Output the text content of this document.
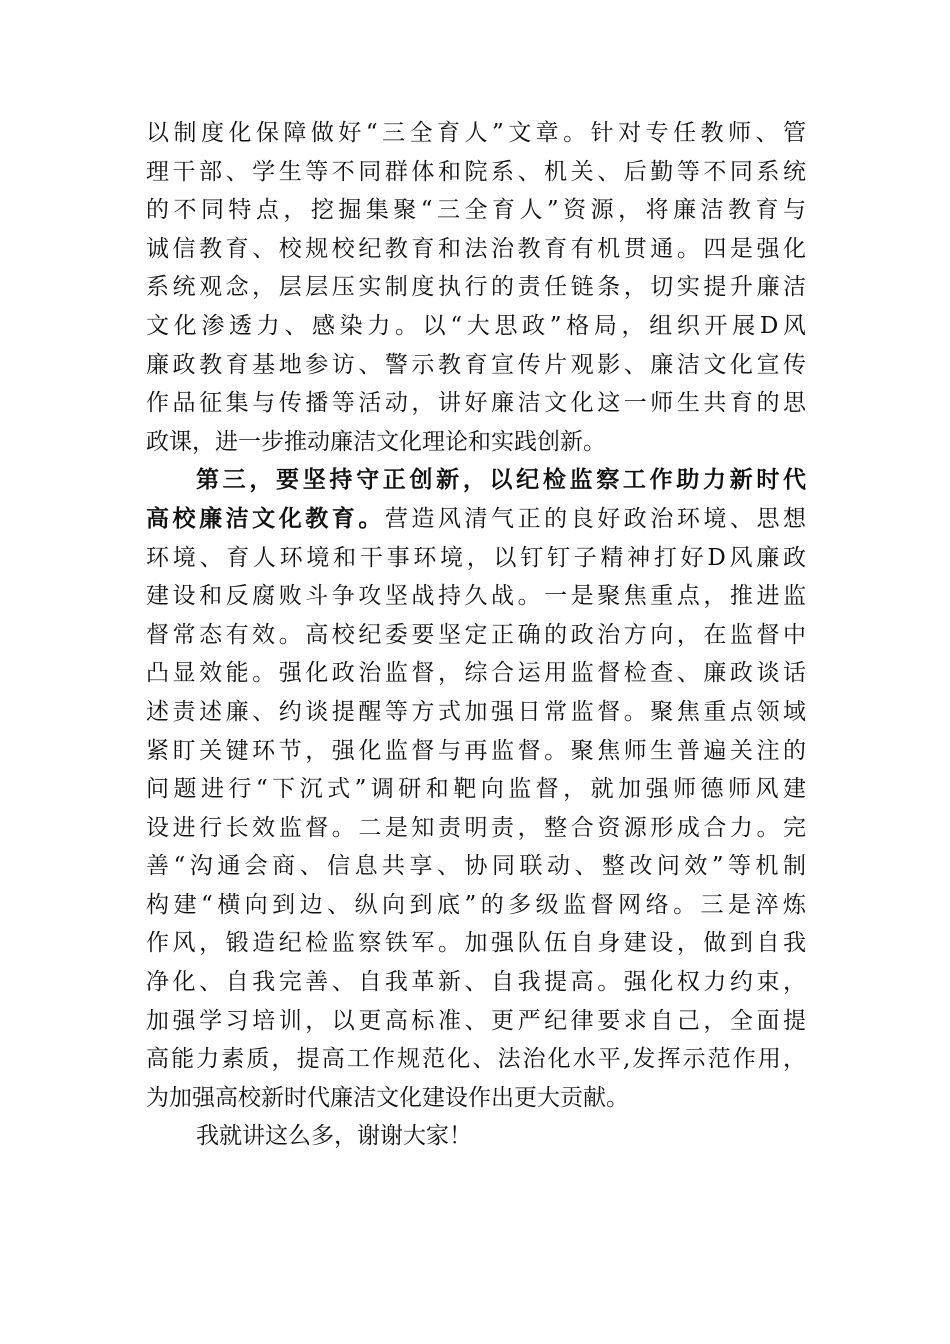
以制度化保障做好“三全育人”文章。针对专任教师、管
理干部、学生等不同群体和院系、机关、后勤等不同系统
的不同特点，挖掘集聚“三全育人”资源，将廉洁教育与
诚信教育、校规校纪教育和法治教育有机贯通。四是强化
系统观念，层层压实制度执行的责任链条，切实提升廉洁
文化渗透力、感染力。以“大思政”格局，组织开展D风
廉政教育基地参访、警示教育宣传片观影、廉洁文化宣传
作品征集与传播等活动，讲好廉洁文化这一师生共育的思
政课，进一步推动廉洁文化理论和实践创新。
第三，要坚持守正创新，以纪检监察工作助力新时代
高校廉洁文化教育。营造风清气正的良好政治环境、思想
环境、育人环境和干事环境，以钉钉子精神打好D风廉政
建设和反腐败斗争攻坚战持久战。一是聚焦重点，推进监
督常态有效。高校纪委要坚定正确的政治方向，在监督中
凸显效能。强化政治监督，综合运用监督检查、廉政谈话
述责述廉、约谈提醒等方式加强日常监督。聚焦重点领域
紧盯关键环节，强化监督与再监督。聚焦师生普遍关注的
问题进行“下沉式”调研和靶向监督，就加强师德师风建
设进行长效监督。二是知责明责，整合资源形成合力。完
善“沟通会商、信息共享、协同联动、整改问效”等机制
构建“横向到边、纵向到底”的多级监督网络。三是淬炼
作风，锻造纪检监察铁军。加强队伍自身建设，做到自我
净化、自我完善、自我革新、自我提高。强化权力约束，
加强学习培训，以更高标准、更严纪律要求自己，全面提
高能力素质，提高工作规范化、法治化水平,发挥示范作用，
为加强高校新时代廉洁文化建设作出更大贡献。
我就讲这么多，谢谢大家！
